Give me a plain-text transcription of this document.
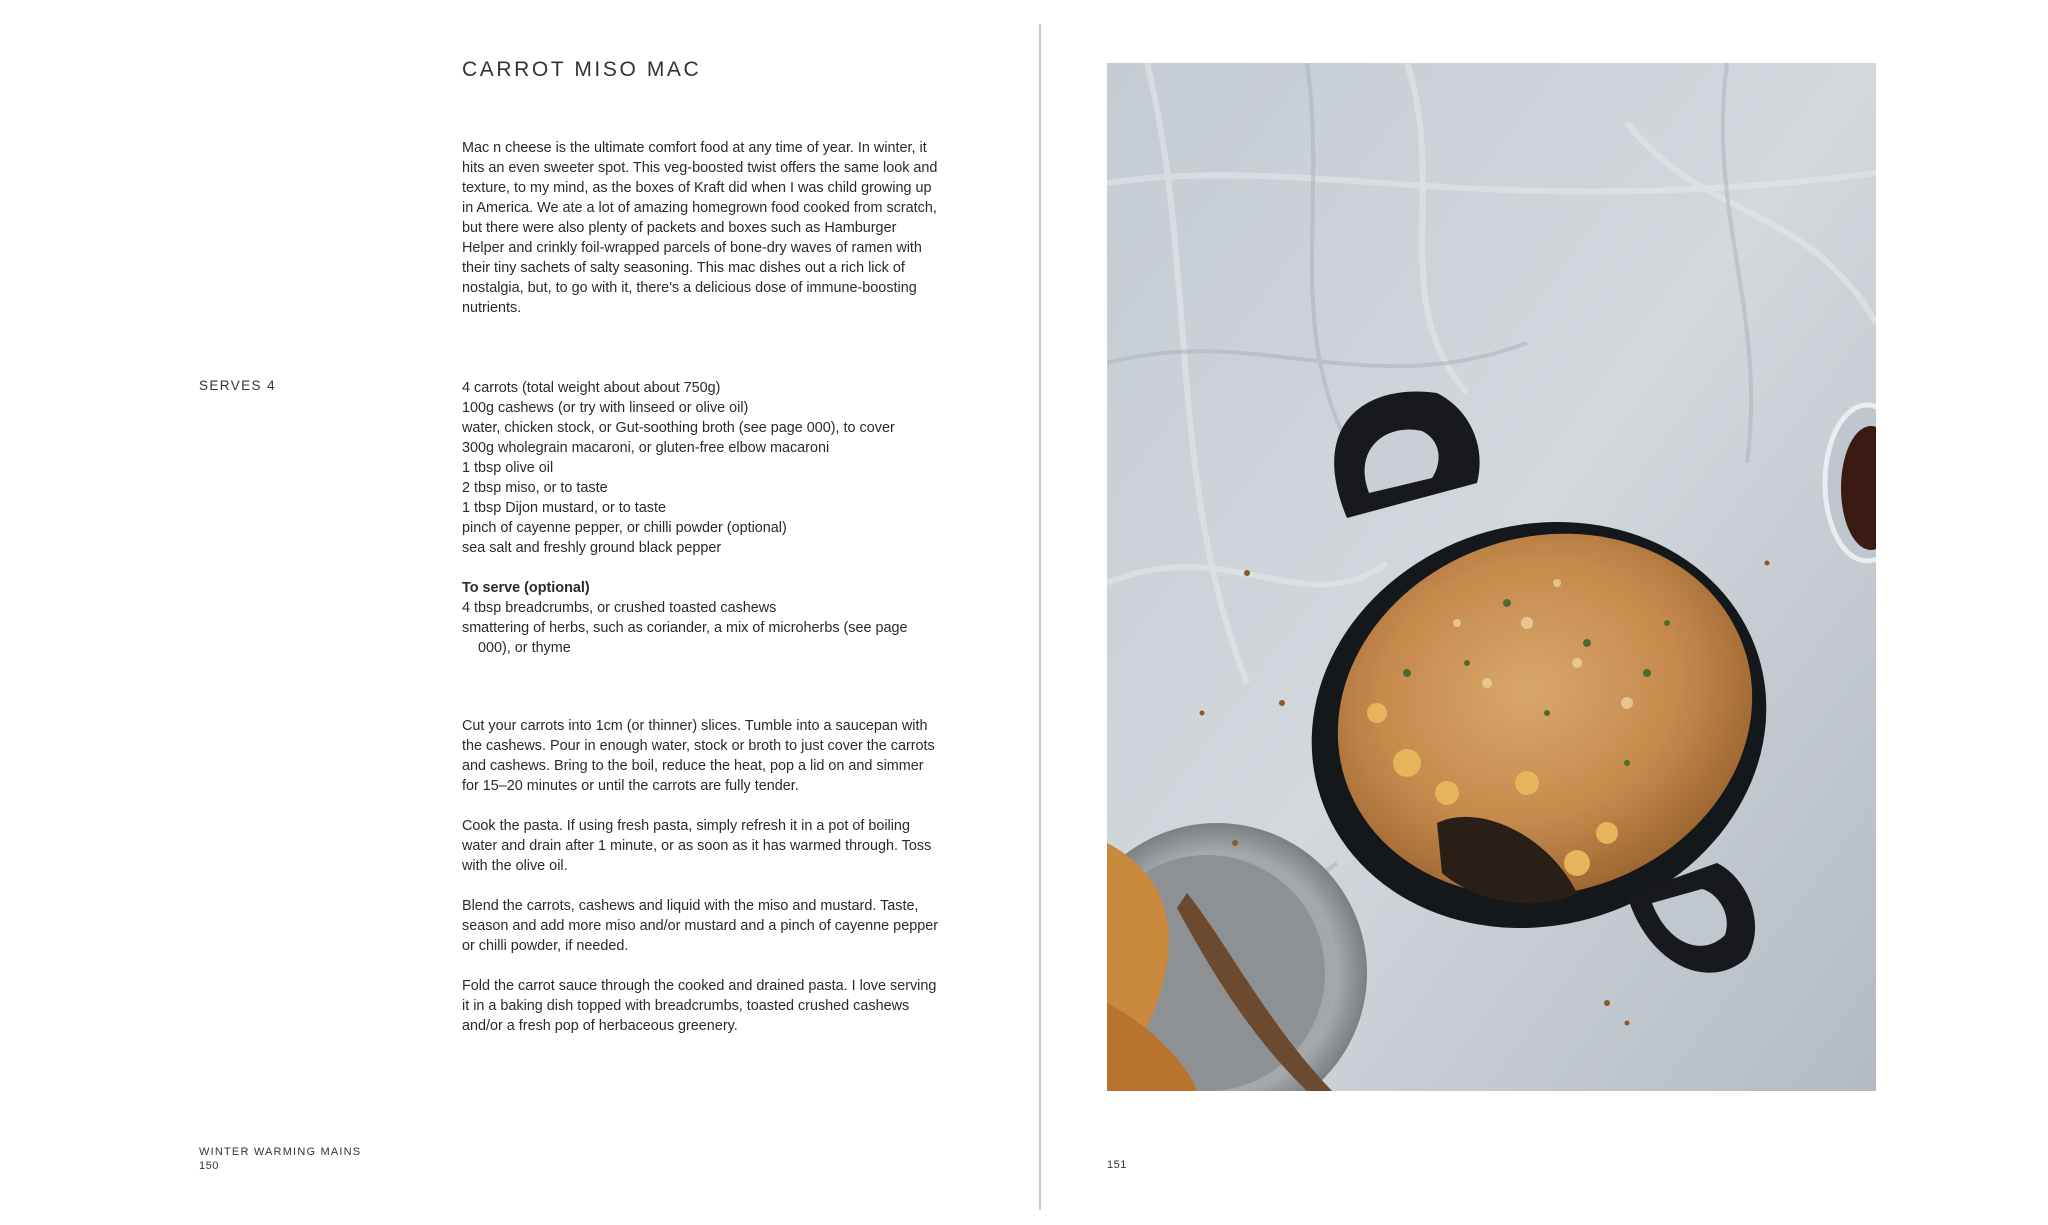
CARROT MISO MAC

Mac n cheese is the ultimate comfort food at any time of year. In winter, it hits an even sweeter spot. This veg-boosted twist offers the same look and texture, to my mind, as the boxes of Kraft did when I was child growing up in America. We ate a lot of amazing homegrown food cooked from scratch, but there were also plenty of packets and boxes such as Hamburger Helper and crinkly foil-wrapped parcels of bone-dry waves of ramen with their tiny sachets of salty seasoning. This mac dishes out a rich lick of nostalgia, but, to go with it, there's a delicious dose of immune-boosting nutrients.

SERVES 4	4 carrots (total weight about about 750g)
100g cashews (or try with linseed or olive oil)
water, chicken stock, or Gut-soothing broth (see page 000), to cover
300g wholegrain macaroni, or gluten-free elbow macaroni
1 tbsp olive oil
2 tbsp miso, or to taste
1 tbsp Dijon mustard, or to taste
pinch of cayenne pepper, or chilli powder (optional)
sea salt and freshly ground black pepper
To serve (optional)
4 tbsp breadcrumbs, or crushed toasted cashews
smattering of herbs, such as coriander, a mix of microherbs (see page 000), or thyme

Cut your carrots into 1cm (or thinner) slices. Tumble into a saucepan with the cashews. Pour in enough water, stock or broth to just cover the carrots and cashews. Bring to the boil, reduce the heat, pop a lid on and simmer for 15–20 minutes or until the carrots are fully tender.

Cook the pasta. If using fresh pasta, simply refresh it in a pot of boiling water and drain after 1 minute, or as soon as it has warmed through. Toss with the olive oil.

Blend the carrots, cashews and liquid with the miso and mustard. Taste, season and add more miso and/or mustard and a pinch of cayenne pepper or chilli powder, if needed.

Fold the carrot sauce through the cooked and drained pasta. I love serving it in a baking dish topped with breadcrumbs, toasted crushed cashews and/or a fresh pop of herbaceous greenery.

WINTER WARMING MAINS
150	151
